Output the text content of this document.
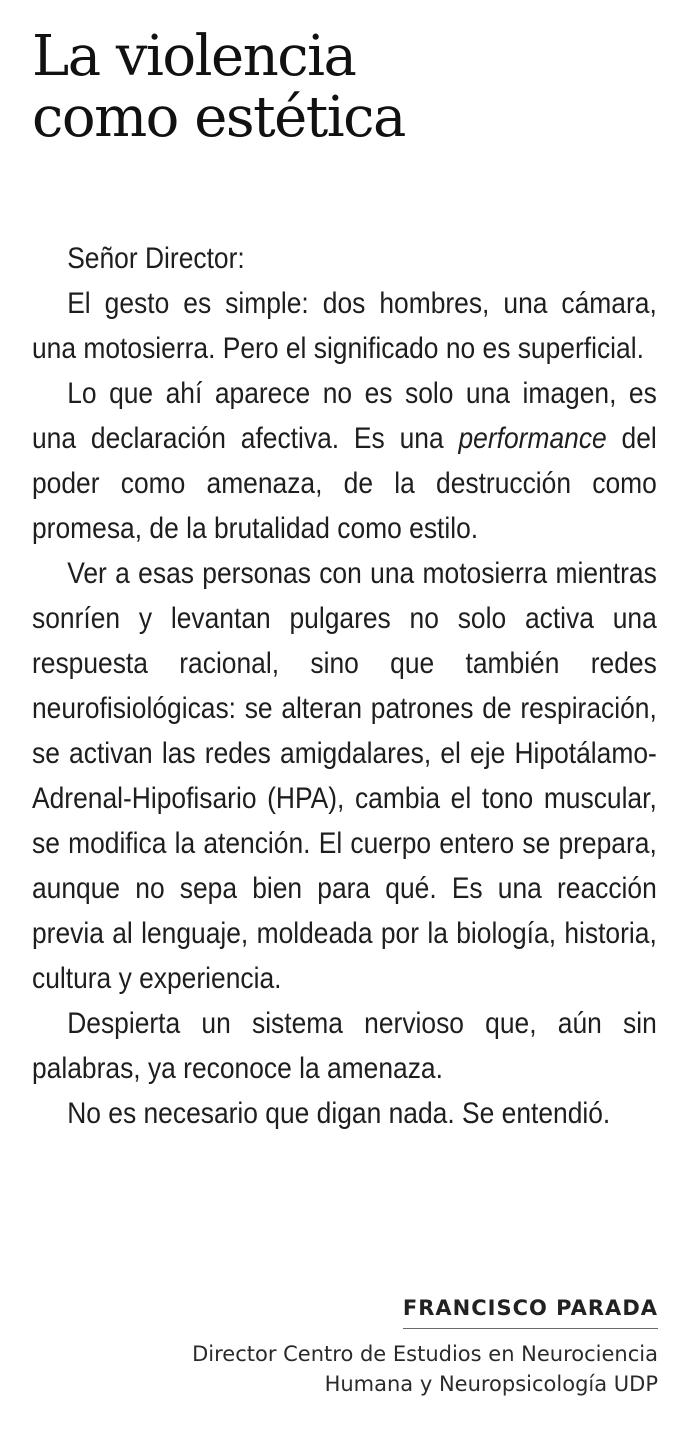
La violencia
como estética

Señor Director:

El gesto es simple: dos hombres, una cámara, una motosierra. Pero el significado no es superficial.

Lo que ahí aparece no es solo una imagen, es una declaración afectiva. Es una performance del poder como amenaza, de la destrucción como promesa, de la brutalidad como estilo.

Ver a esas personas con una motosierra mientras sonríen y levantan pulgares no solo activa una respuesta racional, sino que también redes neurofisiológicas: se alteran patrones de respiración, se activan las redes amigdalares, el eje Hipotálamo-Adrenal-Hipofisario (HPA), cambia el tono muscular, se modifica la atención. El cuerpo entero se prepara, aunque no sepa bien para qué. Es una reacción previa al lenguaje, moldeada por la biología, historia, cultura y experiencia.

Despierta un sistema nervioso que, aún sin palabras, ya reconoce la amenaza.

No es necesario que digan nada. Se entendió.

FRANCISCO PARADA
Director Centro de Estudios en Neurociencia
Humana y Neuropsicología UDP
